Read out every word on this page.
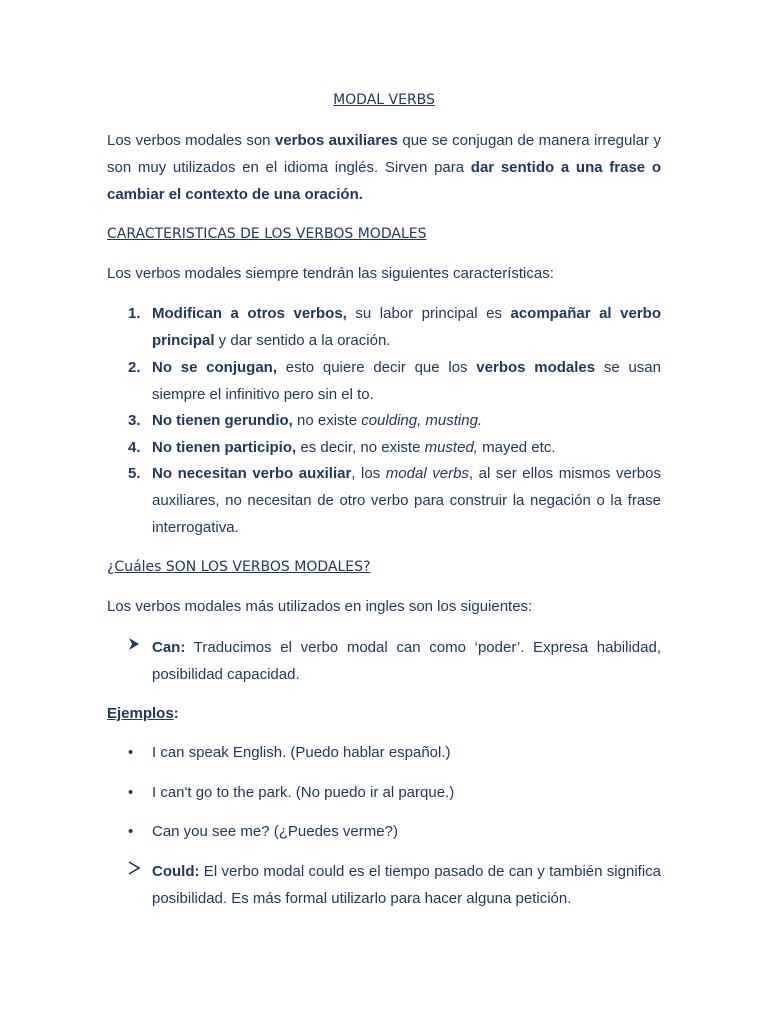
MODAL VERBS

Los verbos modales son verbos auxiliares que se conjugan de manera irregular y son muy utilizados en el idioma inglés. Sirven para dar sentido a una frase o cambiar el contexto de una oración.

CARACTERISTICAS DE LOS VERBOS MODALES

Los verbos modales siempre tendrán las siguientes características:

1. Modifican a otros verbos, su labor principal es acompañar al verbo principal y dar sentido a la oración.
2. No se conjugan, esto quiere decir que los verbos modales se usan siempre el infinitivo pero sin el to.
3. No tienen gerundio, no existe coulding, musting.
4. No tienen participio, es decir, no existe musted, mayed etc.
5. No necesitan verbo auxiliar, los modal verbs, al ser ellos mismos verbos auxiliares, no necesitan de otro verbo para construir la negación o la frase interrogativa.
¿Cuáles SON LOS VERBOS MODALES?

Los verbos modales más utilizados en ingles son los siguientes:

Can: Traducimos el verbo modal can como ‘poder’. Expresa habilidad, posibilidad capacidad.
Ejemplos:
• I can speak English. (Puedo hablar español.)
• I can't go to the park. (No puedo ir al parque.)
• Can you see me? (¿Puedes verme?)
Could: El verbo modal could es el tiempo pasado de can y también significa posibilidad. Es más formal utilizarlo para hacer alguna petición.
